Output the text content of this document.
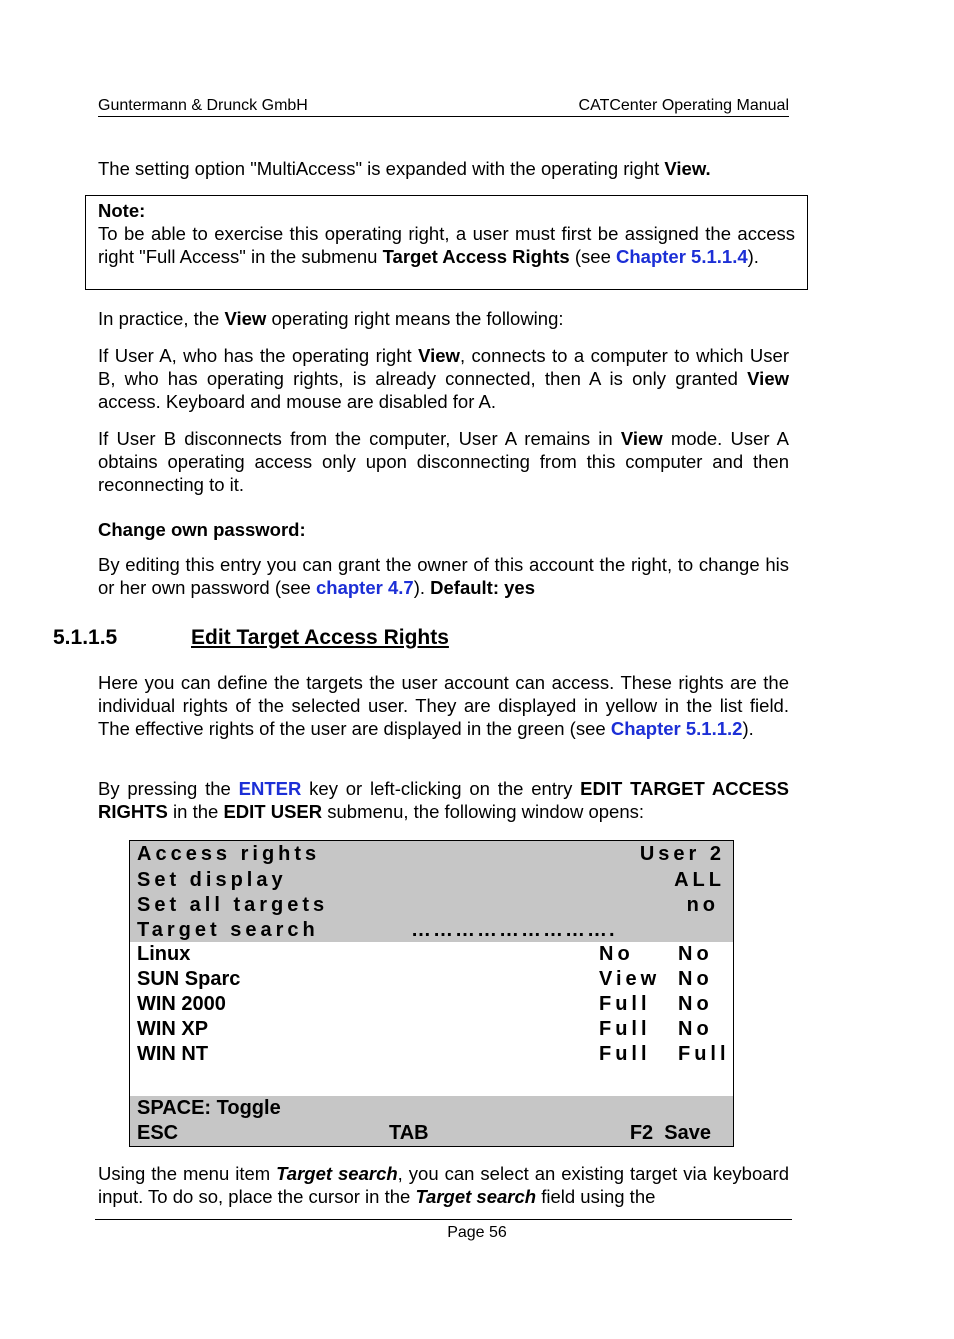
Guntermann & Drunck GmbH	CATCenter Operating Manual
The setting option "MultiAccess" is expanded with the operating right View.
Note:
To be able to exercise this operating right, a user must first be assigned the access right "Full Access" in the submenu Target Access Rights (see Chapter 5.1.1.4).
In practice, the View operating right means the following:
If User A, who has the operating right View, connects to a computer to which User B, who has operating rights, is already connected, then A is only granted View access. Keyboard and mouse are disabled for A.
If User B disconnects from the computer, User A remains in View mode. User A obtains operating access only upon disconnecting from this computer and then reconnecting to it.
Change own password:
By editing this entry you can grant the owner of this account the right, to change his or her own password (see chapter 4.7). Default: yes
5.1.1.5	Edit Target Access Rights
Here you can define the targets the user account can access. These rights are the individual rights of the selected user. They are displayed in yellow in the list field. The effective rights of the user are displayed in the green (see Chapter 5.1.1.2).
By pressing the ENTER key or left-clicking on the entry EDIT TARGET ACCESS RIGHTS in the EDIT USER submenu, the following window opens:
Access rights	User 2
Set display	ALL
Set all targets	no
Target search	……………………….
Linux	No No
SUN Sparc	View No
WIN 2000	Full No
WIN XP	Full No
WIN NT	Full Full
SPACE: Toggle
ESC	TAB	F2  Save
Using the menu item Target search, you can select an existing target via keyboard input. To do so, place the cursor in the Target search field using the
Page 56
